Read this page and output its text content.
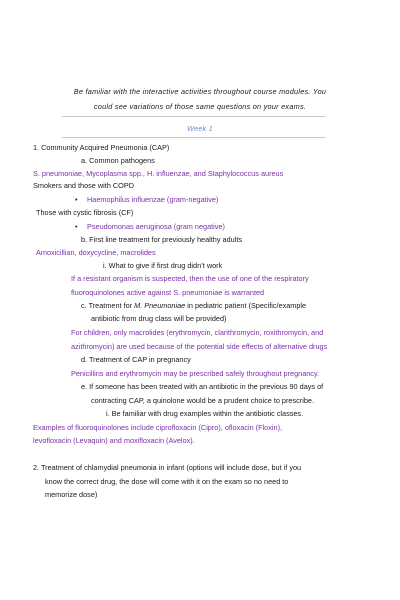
Be familiar with the interactive activities throughout course modules. You
could see variations of those same questions on your exams.
Week 1
1. Community Acquired Pneumonia (CAP)
a. Common pathogens
S. pneumoniae, Mycoplasma spp., H. influenzae, and Staphylococcus aureus
Smokers and those with COPD
• Haemophilus influenzae (gram-negative)
Those with cystic fibrosis (CF)
• Pseudomonas aeruginosa (gram negative)
b. First line treatment for previously healthy adults
Amoxicillian, doxycycline, macrolides
i. What to give if first drug didn’t work
If a resistant organism is suspected, then the use of one of the respiratory
fluoroquinolones active against S. pneumoniae is warranted
c. Treatment for M. Pneumoniae in pediatric patient (Specific/example
antibiotic from drug class will be provided)
For children, only macrolides (erythromycin, clarithromycin, roxithromycin, and
azithromycin) are used because of the potential side effects of alternative drugs
d. Treatment of CAP in pregnancy
Penicillins and erythromycin may be prescribed safely throughout pregnancy.
e. If someone has been treated with an antibiotic in the previous 90 days of
contracting CAP, a quinolone would be a prudent choice to prescribe.
i. Be familiar with drug examples within the antibiotic classes.
Examples of fluoroquinolones include ciprofloxacin (Cipro), ofloxacin (Floxin),
levofloxacin (Levaquin) and moxifloxacin (Avelox).
2. Treatment of chlamydial pneumonia in infant (options will include dose, but if you
know the correct drug, the dose will come with it on the exam so no need to
memorize dose)
